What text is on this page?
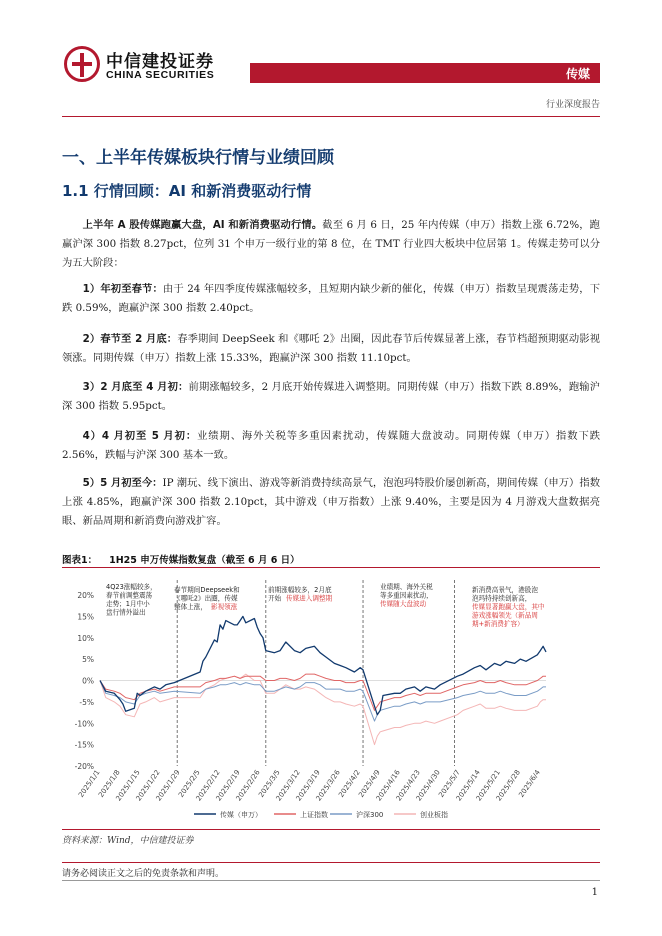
中信建投证券
CHINA SECURITIES	传媒
行业深度报告
一、上半年传媒板块行情与业绩回顾
1.1 行情回顾：AI 和新消费驱动行情

上半年 A 股传媒跑赢大盘，AI 和新消费驱动行情。截至 6 月 6 日，25 年内传媒（申万）指数上涨 6.72%，跑赢沪深 300 指数 8.27pct，位列 31 个申万一级行业的第 8 位，在 TMT 行业四大板块中位居第 1。传媒走势可以分为五大阶段：

1）年初至春节：由于 24 年四季度传媒涨幅较多，且短期内缺少新的催化，传媒（申万）指数呈现震荡走势，下跌 0.59%，跑赢沪深 300 指数 2.40pct。

2）春节至 2 月底：春季期间 DeepSeek 和《哪吒 2》出圈，因此春节后传媒显著上涨，春节档超预期驱动影视领涨。同期传媒（申万）指数上涨 15.33%，跑赢沪深 300 指数 11.10pct。

3）2 月底至 4 月初：前期涨幅较多，2 月底开始传媒进入调整期。同期传媒（申万）指数下跌 8.89%，跑输沪深 300 指数 5.95pct。

4）4 月初至 5 月初：业绩期、海外关税等多重因素扰动，传媒随大盘波动。同期传媒（申万）指数下跌 2.56%，跌幅与沪深 300 基本一致。

5）5 月初至今：IP 潮玩、线下演出、游戏等新消费持续高景气，泡泡玛特股价屡创新高，期间传媒（申万）指数上涨 4.85%，跑赢沪深 300 指数 2.10pct，其中游戏（申万指数）上涨 9.40%，主要是因为 4 月游戏大盘数据亮眼、新品周期和新消费向游戏扩容。

图表1： 1H25 申万传媒指数复盘（截至 6 月 6 日）
20%
15%
10%
5%
0%
-5%
-10%
-15%
-20%
2025/1/1
2025/1/8
2025/1/15
2025/1/22
2025/1/29
2025/2/5
2025/2/12
2025/2/19
2025/2/26
2025/3/5
2025/3/12
2025/3/19
2025/3/26
2025/4/2
2025/4/9
2025/4/16
2025/4/23
2025/4/30
2025/5/7
2025/5/14
2025/5/21
2025/5/28
2025/6/4
4Q23涨幅较多，
春节前调整震荡
走势；1月中小
盘行情外溢出
春节期间Deepseek和
《哪吒2》出圈，传媒
整体上涨， 影视领涨
前期涨幅较多，2月底
开始 传媒进入调整期
业绩期、海外关税
等多重因素扰动，
传媒随大盘波动
新消费高景气，港股泡
泡玛特持续创新高，
传媒显著跑赢大盘，其中
游戏涨幅领先（新品周
期+新消费扩容）
传媒（申万）	上证指数	沪深300	创业板指
资料来源：Wind，中信建投证券
请务必阅读正文之后的免责条款和声明。
1
